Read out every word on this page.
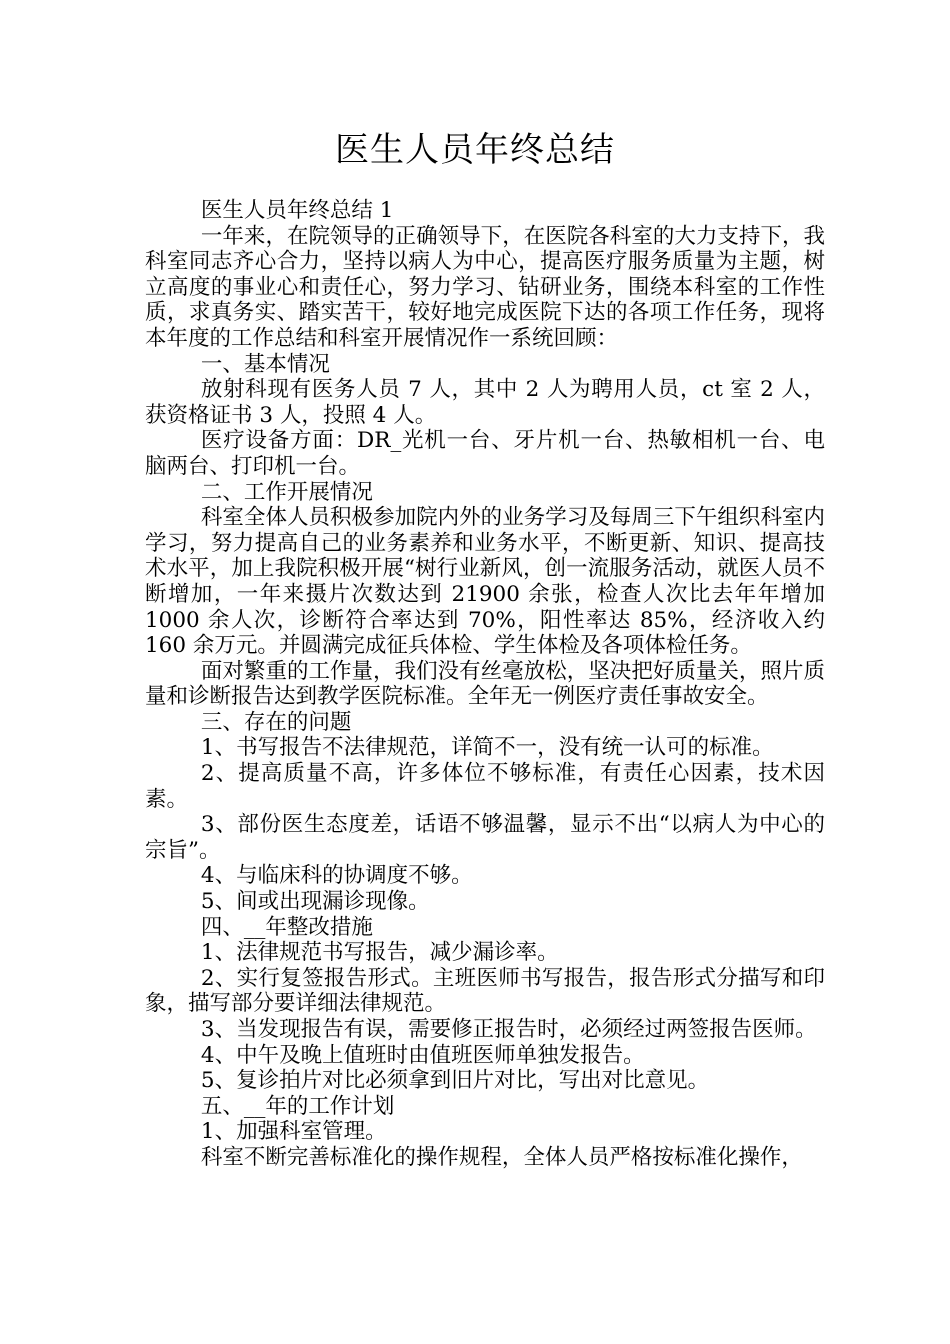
医生人员年终总结

医生人员年终总结 1

一年来，在院领导的正确领导下，在医院各科室的大力支持下，我科室同志齐心合力，坚持以病人为中心，提高医疗服务质量为主题，树立高度的事业心和责任心，努力学习、钻研业务，围绕本科室的工作性质，求真务实、踏实苦干，较好地完成医院下达的各项工作任务，现将本年度的工作总结和科室开展情况作一系统回顾：

一、基本情况

放射科现有医务人员 7 人，其中 2 人为聘用人员，ct 室 2 人，获资格证书 3 人，投照 4 人。

医疗设备方面：DR_光机一台、牙片机一台、热敏相机一台、电脑两台、打印机一台。

二、工作开展情况

科室全体人员积极参加院内外的业务学习及每周三下午组织科室内学习，努力提高自己的业务素养和业务水平，不断更新、知识、提高技术水平，加上我院积极开展“树行业新风，创一流服务活动，就医人员不断增加，一年来摄片次数达到 21900 余张，检查人次比去年年增加 1000 余人次，诊断符合率达到 70%，阳性率达 85%，经济收入约 160 余万元。并圆满完成征兵体检、学生体检及各项体检任务。

面对繁重的工作量，我们没有丝毫放松，坚决把好质量关，照片质量和诊断报告达到教学医院标准。全年无一例医疗责任事故安全。

三、存在的问题

1、书写报告不法律规范，详简不一，没有统一认可的标准。

2、提高质量不高，许多体位不够标准，有责任心因素，技术因素。

3、部份医生态度差，话语不够温馨，显示不出“以病人为中心的宗旨”。

4、与临床科的协调度不够。

5、间或出现漏诊现像。

四、__年整改措施

1、法律规范书写报告，减少漏诊率。

2、实行复签报告形式。主班医师书写报告，报告形式分描写和印象，描写部分要详细法律规范。

3、当发现报告有误，需要修正报告时，必须经过两签报告医师。

4、中午及晚上值班时由值班医师单独发报告。

5、复诊拍片对比必须拿到旧片对比，写出对比意见。

五、__年的工作计划

1、加强科室管理。

科室不断完善标准化的操作规程，全体人员严格按标准化操作，
